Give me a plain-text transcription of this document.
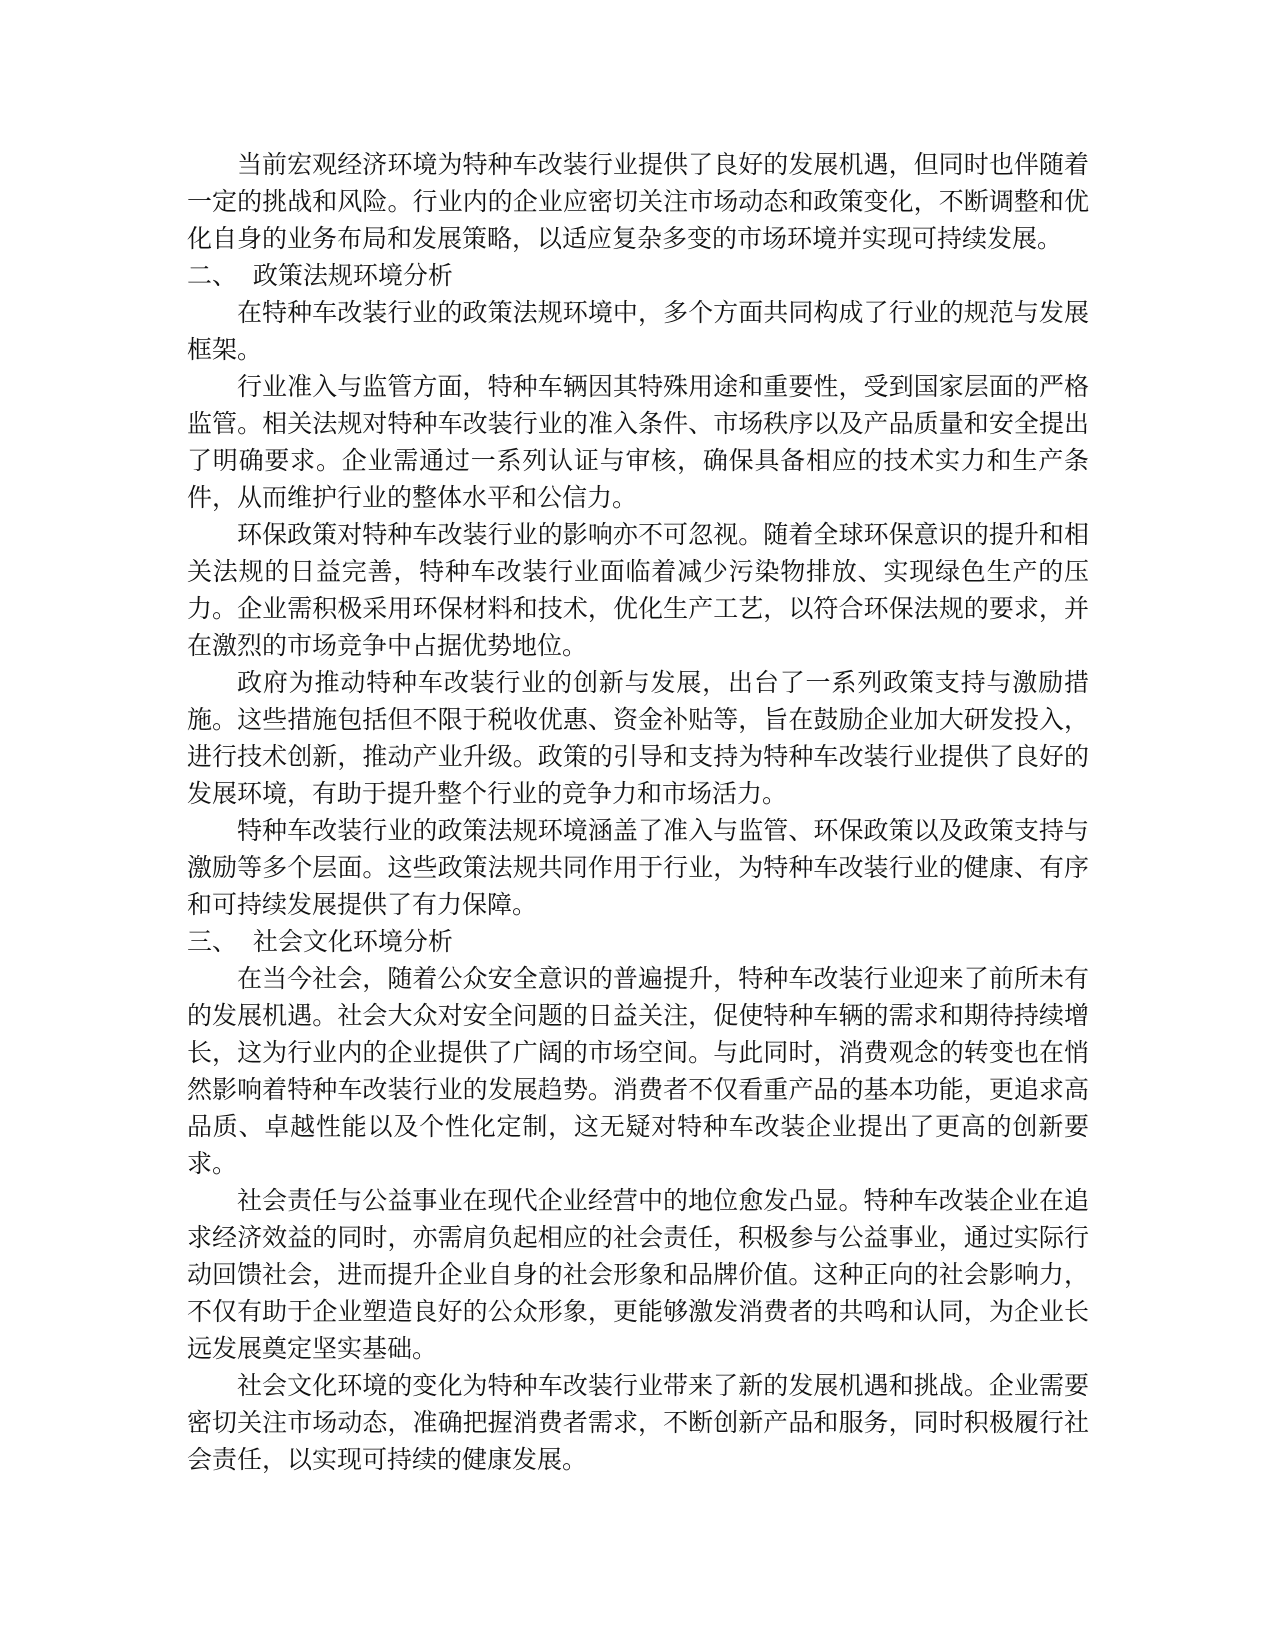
当前宏观经济环境为特种车改装行业提供了良好的发展机遇，但同时也伴随着一定的挑战和风险。行业内的企业应密切关注市场动态和政策变化，不断调整和优化自身的业务布局和发展策略，以适应复杂多变的市场环境并实现可持续发展。

二、  政策法规环境分析

在特种车改装行业的政策法规环境中，多个方面共同构成了行业的规范与发展框架。

行业准入与监管方面，特种车辆因其特殊用途和重要性，受到国家层面的严格监管。相关法规对特种车改装行业的准入条件、市场秩序以及产品质量和安全提出了明确要求。企业需通过一系列认证与审核，确保具备相应的技术实力和生产条件，从而维护行业的整体水平和公信力。

环保政策对特种车改装行业的影响亦不可忽视。随着全球环保意识的提升和相关法规的日益完善，特种车改装行业面临着减少污染物排放、实现绿色生产的压力。企业需积极采用环保材料和技术，优化生产工艺，以符合环保法规的要求，并在激烈的市场竞争中占据优势地位。

政府为推动特种车改装行业的创新与发展，出台了一系列政策支持与激励措施。这些措施包括但不限于税收优惠、资金补贴等，旨在鼓励企业加大研发投入，进行技术创新，推动产业升级。政策的引导和支持为特种车改装行业提供了良好的发展环境，有助于提升整个行业的竞争力和市场活力。

特种车改装行业的政策法规环境涵盖了准入与监管、环保政策以及政策支持与激励等多个层面。这些政策法规共同作用于行业，为特种车改装行业的健康、有序和可持续发展提供了有力保障。

三、  社会文化环境分析

在当今社会，随着公众安全意识的普遍提升，特种车改装行业迎来了前所未有的发展机遇。社会大众对安全问题的日益关注，促使特种车辆的需求和期待持续增长，这为行业内的企业提供了广阔的市场空间。与此同时，消费观念的转变也在悄然影响着特种车改装行业的发展趋势。消费者不仅看重产品的基本功能，更追求高品质、卓越性能以及个性化定制，这无疑对特种车改装企业提出了更高的创新要求。

社会责任与公益事业在现代企业经营中的地位愈发凸显。特种车改装企业在追求经济效益的同时，亦需肩负起相应的社会责任，积极参与公益事业，通过实际行动回馈社会，进而提升企业自身的社会形象和品牌价值。这种正向的社会影响力，不仅有助于企业塑造良好的公众形象，更能够激发消费者的共鸣和认同，为企业长远发展奠定坚实基础。

社会文化环境的变化为特种车改装行业带来了新的发展机遇和挑战。企业需要密切关注市场动态，准确把握消费者需求，不断创新产品和服务，同时积极履行社会责任，以实现可持续的健康发展。
